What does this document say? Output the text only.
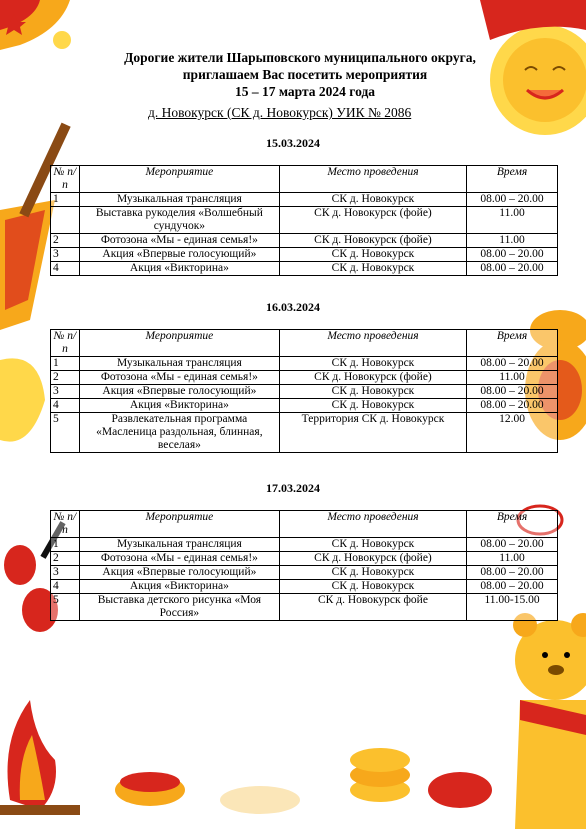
Дорогие жители Шарыповского муниципального округа,
приглашаем Вас посетить мероприятия
15 – 17 марта 2024 года
д. Новокурск (СК д. Новокурск) УИК № 2086
15.03.2024
№ п/п	Мероприятие	Место проведения	Время
1	Музыкальная трансляция	СК д. Новокурск	08.00 – 20.00
	Выставка рукоделия «Волшебный сундучок»	СК д. Новокурск (фойе)	11.00
2	Фотозона «Мы - единая семья!»	СК д. Новокурск (фойе)	11.00
3	Акция «Впервые голосующий»	СК д. Новокурск	08.00 – 20.00
4	Акция «Викторина»	СК д. Новокурск	08.00 – 20.00
16.03.2024
№ п/п	Мероприятие	Место проведения	Время
1	Музыкальная трансляция	СК д. Новокурск	08.00 – 20.00
2	Фотозона «Мы - единая семья!»	СК д. Новокурск (фойе)	11.00
3	Акция «Впервые голосующий»	СК д. Новокурск	08.00 – 20.00
4	Акция «Викторина»	СК д. Новокурск	08.00 – 20.00
5	Развлекательная программа «Масленица раздольная, блинная, веселая»	Территория СК д. Новокурск	12.00
17.03.2024
№ п/п	Мероприятие	Место проведения	Время
1	Музыкальная трансляция	СК д. Новокурск	08.00 – 20.00
2	Фотозона «Мы - единая семья!»	СК д. Новокурск (фойе)	11.00
3	Акция «Впервые голосующий»	СК д. Новокурск	08.00 – 20.00
4	Акция «Викторина»	СК д. Новокурск	08.00 – 20.00
5	Выставка детского рисунка «Моя Россия»	СК д. Новокурск фойе	11.00-15.00
